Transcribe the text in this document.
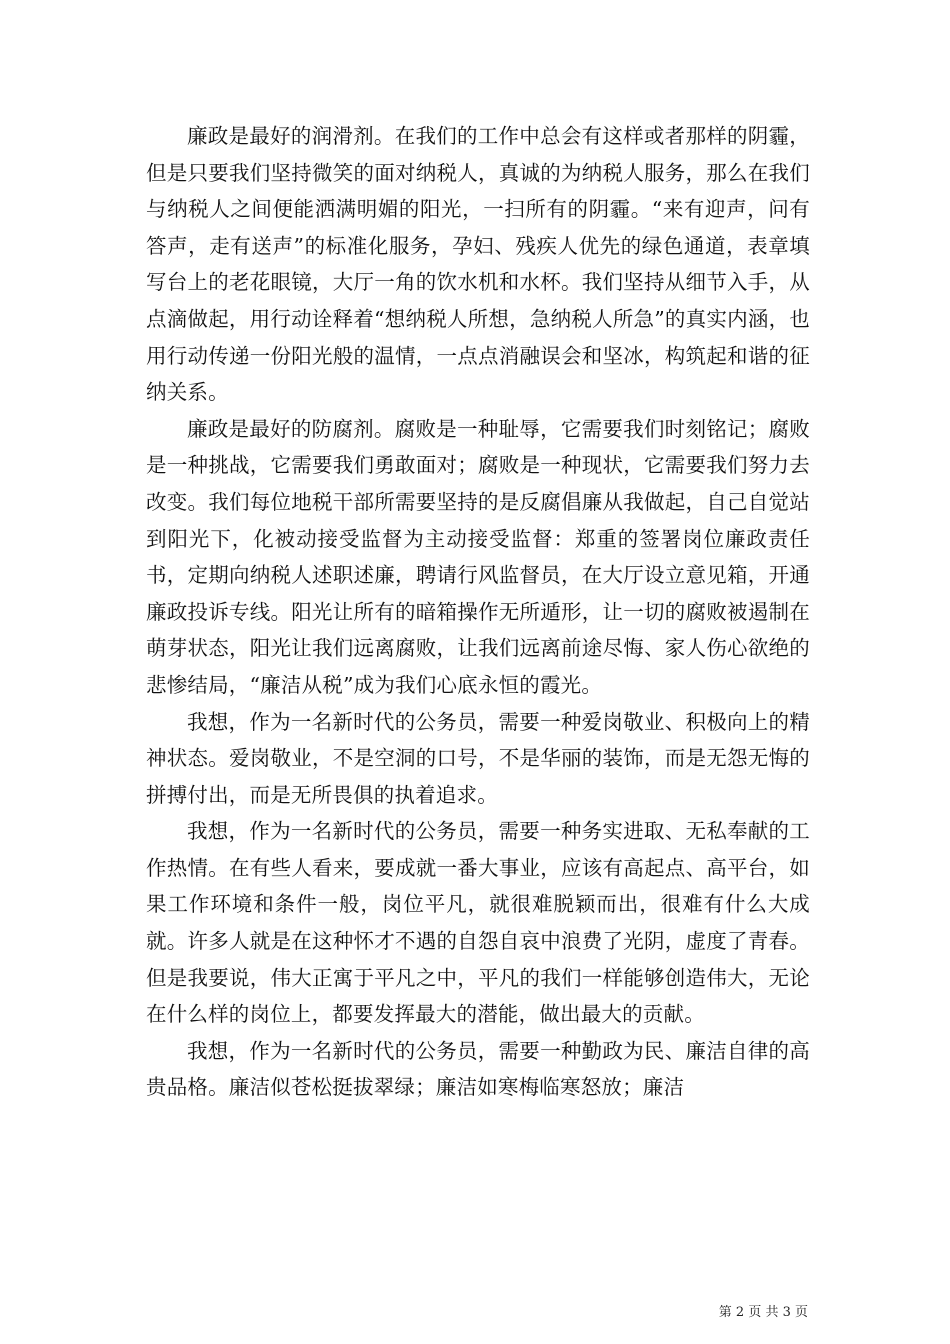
廉政是最好的润滑剂。在我们的工作中总会有这样或者那样的阴霾，但是只要我们坚持微笑的面对纳税人，真诚的为纳税人服务，那么在我们与纳税人之间便能洒满明媚的阳光，一扫所有的阴霾。“来有迎声，问有答声，走有送声”的标准化服务，孕妇、残疾人优先的绿色通道，表章填写台上的老花眼镜，大厅一角的饮水机和水杯。我们坚持从细节入手，从点滴做起，用行动诠释着“想纳税人所想，急纳税人所急”的真实内涵，也用行动传递一份阳光般的温情，一点点消融误会和坚冰，构筑起和谐的征纳关系。

廉政是最好的防腐剂。腐败是一种耻辱，它需要我们时刻铭记；腐败是一种挑战，它需要我们勇敢面对；腐败是一种现状，它需要我们努力去改变。我们每位地税干部所需要坚持的是反腐倡廉从我做起，自己自觉站到阳光下，化被动接受监督为主动接受监督：郑重的签署岗位廉政责任书，定期向纳税人述职述廉，聘请行风监督员，在大厅设立意见箱，开通廉政投诉专线。阳光让所有的暗箱操作无所遁形，让一切的腐败被遏制在萌芽状态，阳光让我们远离腐败，让我们远离前途尽悔、家人伤心欲绝的悲惨结局，“廉洁从税”成为我们心底永恒的霞光。

我想，作为一名新时代的公务员，需要一种爱岗敬业、积极向上的精神状态。爱岗敬业，不是空洞的口号，不是华丽的装饰，而是无怨无悔的拼搏付出，而是无所畏俱的执着追求。

我想，作为一名新时代的公务员，需要一种务实进取、无私奉献的工作热情。在有些人看来，要成就一番大事业，应该有高起点、高平台，如果工作环境和条件一般，岗位平凡，就很难脱颖而出，很难有什么大成就。许多人就是在这种怀才不遇的自怨自哀中浪费了光阴，虚度了青春。但是我要说，伟大正寓于平凡之中，平凡的我们一样能够创造伟大，无论在什么样的岗位上，都要发挥最大的潜能，做出最大的贡献。

我想，作为一名新时代的公务员，需要一种勤政为民、廉洁自律的高贵品格。廉洁似苍松挺拔翠绿；廉洁如寒梅临寒怒放；廉洁

第 2 页 共 3 页
